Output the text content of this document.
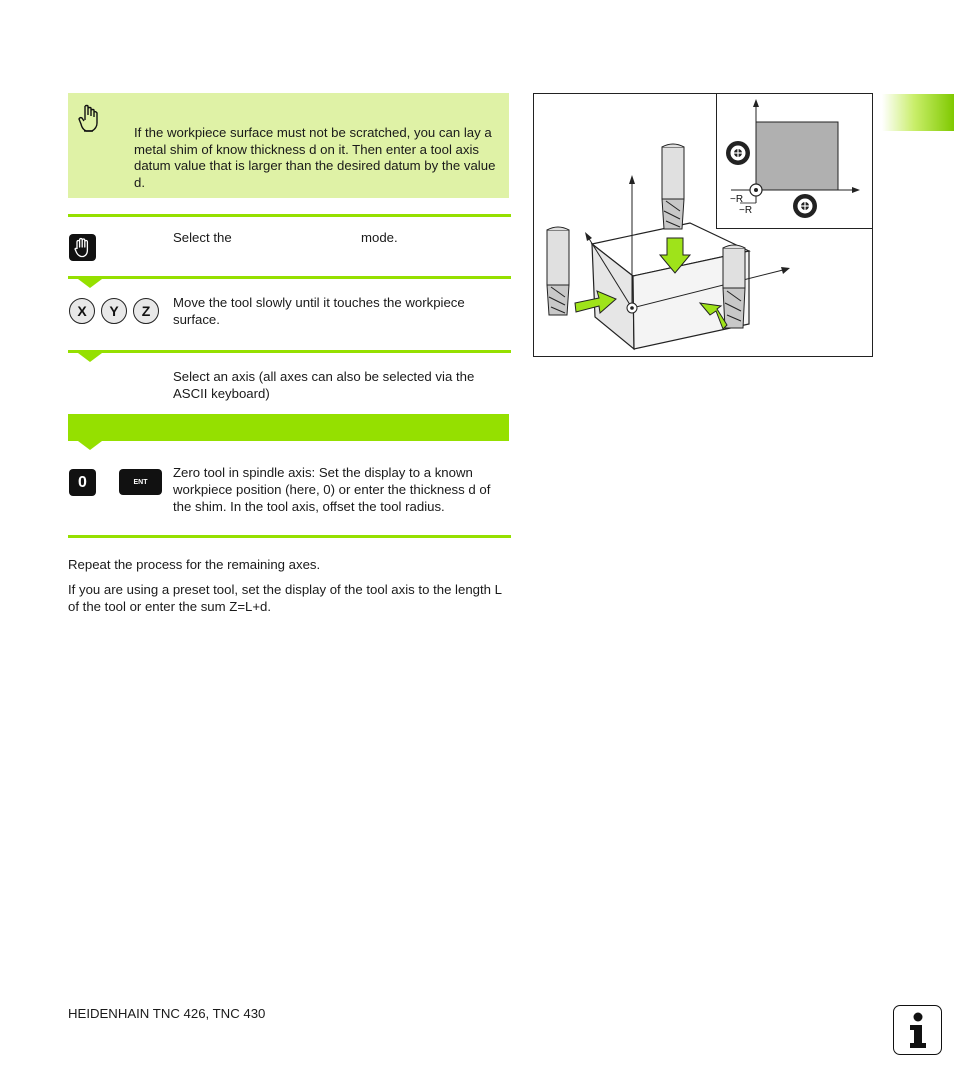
If the workpiece surface must not be scratched, you can lay a metal shim of know thickness d on it. Then enter a tool axis datum value that is larger than the desired datum by the value d.
Select the	mode.
X	Y	Z
Move the tool slowly until it touches the workpiece surface.
Select an axis (all axes can also be selected via the ASCII keyboard)
0	ENT
Zero tool in spindle axis: Set the display to a known workpiece position (here, 0) or enter the thickness d of the shim. In the tool axis, offset the tool radius.
Repeat the process for the remaining axes.
If you are using a preset tool, set the display of the tool axis to the length L of the tool or enter the sum Z=L+d.
−R
−R
HEIDENHAIN TNC 426, TNC 430
